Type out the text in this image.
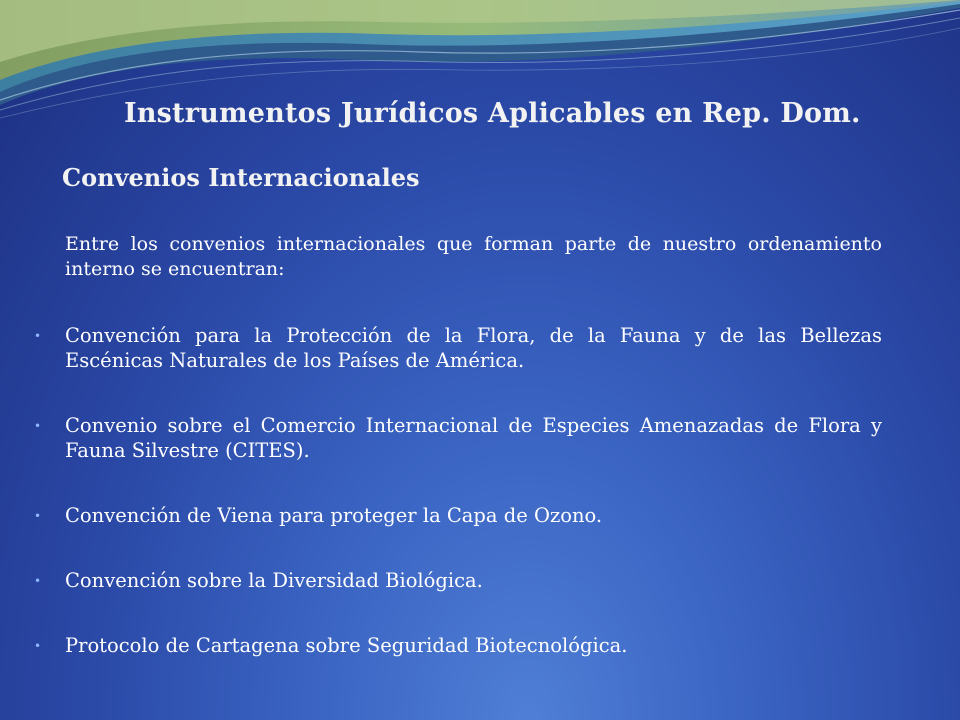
Instrumentos Jurídicos Aplicables en Rep. Dom.
Convenios Internacionales
Entre los convenios internacionales que forman parte de nuestro ordenamiento interno se encuentran:
• Convención para la Protección de la Flora, de la Fauna y de las Bellezas Escénicas Naturales de los Países de América.
• Convenio sobre el Comercio Internacional de Especies Amenazadas de Flora y Fauna Silvestre (CITES).
• Convención de Viena para proteger la Capa de Ozono.
• Convención sobre la Diversidad Biológica.
• Protocolo de Cartagena sobre Seguridad Biotecnológica.
